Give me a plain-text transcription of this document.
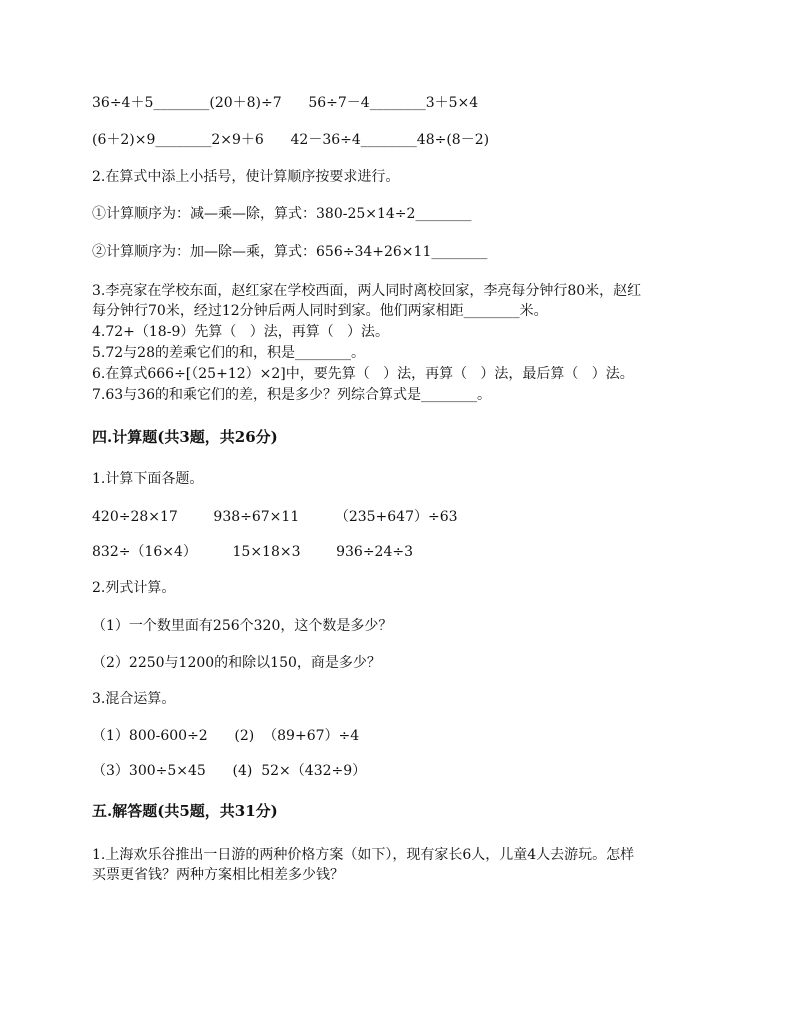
36÷4＋5________(20＋8)÷7      56÷7－4________3＋5×4
(6＋2)×9________2×9＋6      42－36÷4________48÷(8－2)
2.在算式中添上小括号，使计算顺序按要求进行。
①计算顺序为：减—乘—除，算式：380-25×14÷2________
②计算顺序为：加—除—乘，算式：656÷34+26×11________
3.李亮家在学校东面，赵红家在学校西面，两人同时离校回家，李亮每分钟行80米，赵红
每分钟行70米，经过12分钟后两人同时到家。他们两家相距________米。
4.72+（18-9）先算（   ）法，再算（   ）法。
5.72与28的差乘它们的和，积是________。
6.在算式666÷[（25+12）×2]中，要先算（   ）法，再算（   ）法，最后算（   ）法。
7.63与36的和乘它们的差，积是多少？列综合算式是________。
四.计算题(共3题，共26分)
1.计算下面各题。
420÷28×17        938÷67×11        （235+647）÷63
832÷（16×4）        15×18×3        936÷24÷3
2.列式计算。
（1）一个数里面有256个320，这个数是多少？
（2）2250与1200的和除以150，商是多少？
3.混合运算。
（1）800-600÷2      (2)  （89+67）÷4
（3）300÷5×45      (4)  52×（432÷9）
五.解答题(共5题，共31分)
1.上海欢乐谷推出一日游的两种价格方案（如下），现有家长6人，儿童4人去游玩。怎样
买票更省钱？两种方案相比相差多少钱？
